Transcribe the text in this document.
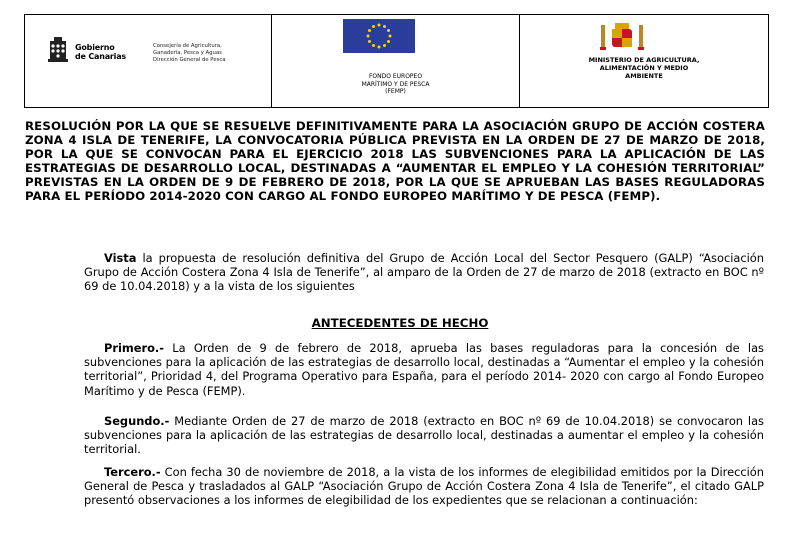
Gobierno
de Canarias
Consejería de Agricultura,
Ganadería, Pesca y Aguas
Dirección General de Pesca
FONDO EUROPEO
MARÍTIMO Y DE PESCA
(FEMP)
MINISTERIO DE AGRICULTURA,
ALIMENTACIÓN Y MEDIO
AMBIENTE

RESOLUCIÓN POR LA QUE SE RESUELVE DEFINITIVAMENTE PARA LA ASOCIACIÓN GRUPO DE ACCIÓN COSTERA ZONA 4 ISLA DE TENERIFE, LA CONVOCATORIA PÚBLICA PREVISTA EN LA ORDEN DE 27 DE MARZO DE 2018, POR LA QUE SE CONVOCAN PARA EL EJERCICIO 2018 LAS SUBVENCIONES PARA LA APLICACIÓN DE LAS ESTRATEGIAS DE DESARROLLO LOCAL, DESTINADAS A “AUMENTAR EL EMPLEO Y LA COHESIÓN TERRITORIAL” PREVISTAS EN LA ORDEN DE 9 DE FEBRERO DE 2018, POR LA QUE SE APRUEBAN LAS BASES REGULADORAS PARA EL PERÍODO 2014-2020 CON CARGO AL FONDO EUROPEO MARÍTIMO Y DE PESCA (FEMP).

Vista la propuesta de resolución definitiva del Grupo de Acción Local del Sector Pesquero (GALP) “Asociación Grupo de Acción Costera Zona 4 Isla de Tenerife”, al amparo de la Orden de 27 de marzo de 2018 (extracto en BOC nº 69 de 10.04.2018) y a la vista de los siguientes

ANTECEDENTES DE HECHO

Primero.- La Orden de 9 de febrero de 2018, aprueba las bases reguladoras para la concesión de las subvenciones para la aplicación de las estrategias de desarrollo local, destinadas a “Aumentar el empleo y la cohesión territorial”, Prioridad 4, del Programa Operativo para España, para el período 2014- 2020 con cargo al Fondo Europeo Marítimo y de Pesca (FEMP).

Segundo.- Mediante Orden de 27 de marzo de 2018 (extracto en BOC nº 69 de 10.04.2018) se convocaron las subvenciones para la aplicación de las estrategias de desarrollo local, destinadas a aumentar el empleo y la cohesión territorial.

Tercero.- Con fecha 30 de noviembre de 2018, a la vista de los informes de elegibilidad emitidos por la Dirección General de Pesca y trasladados al GALP “Asociación Grupo de Acción Costera Zona 4 Isla de Tenerife”, el citado GALP presentó observaciones a los informes de elegibilidad de los expedientes que se relacionan a continuación:
